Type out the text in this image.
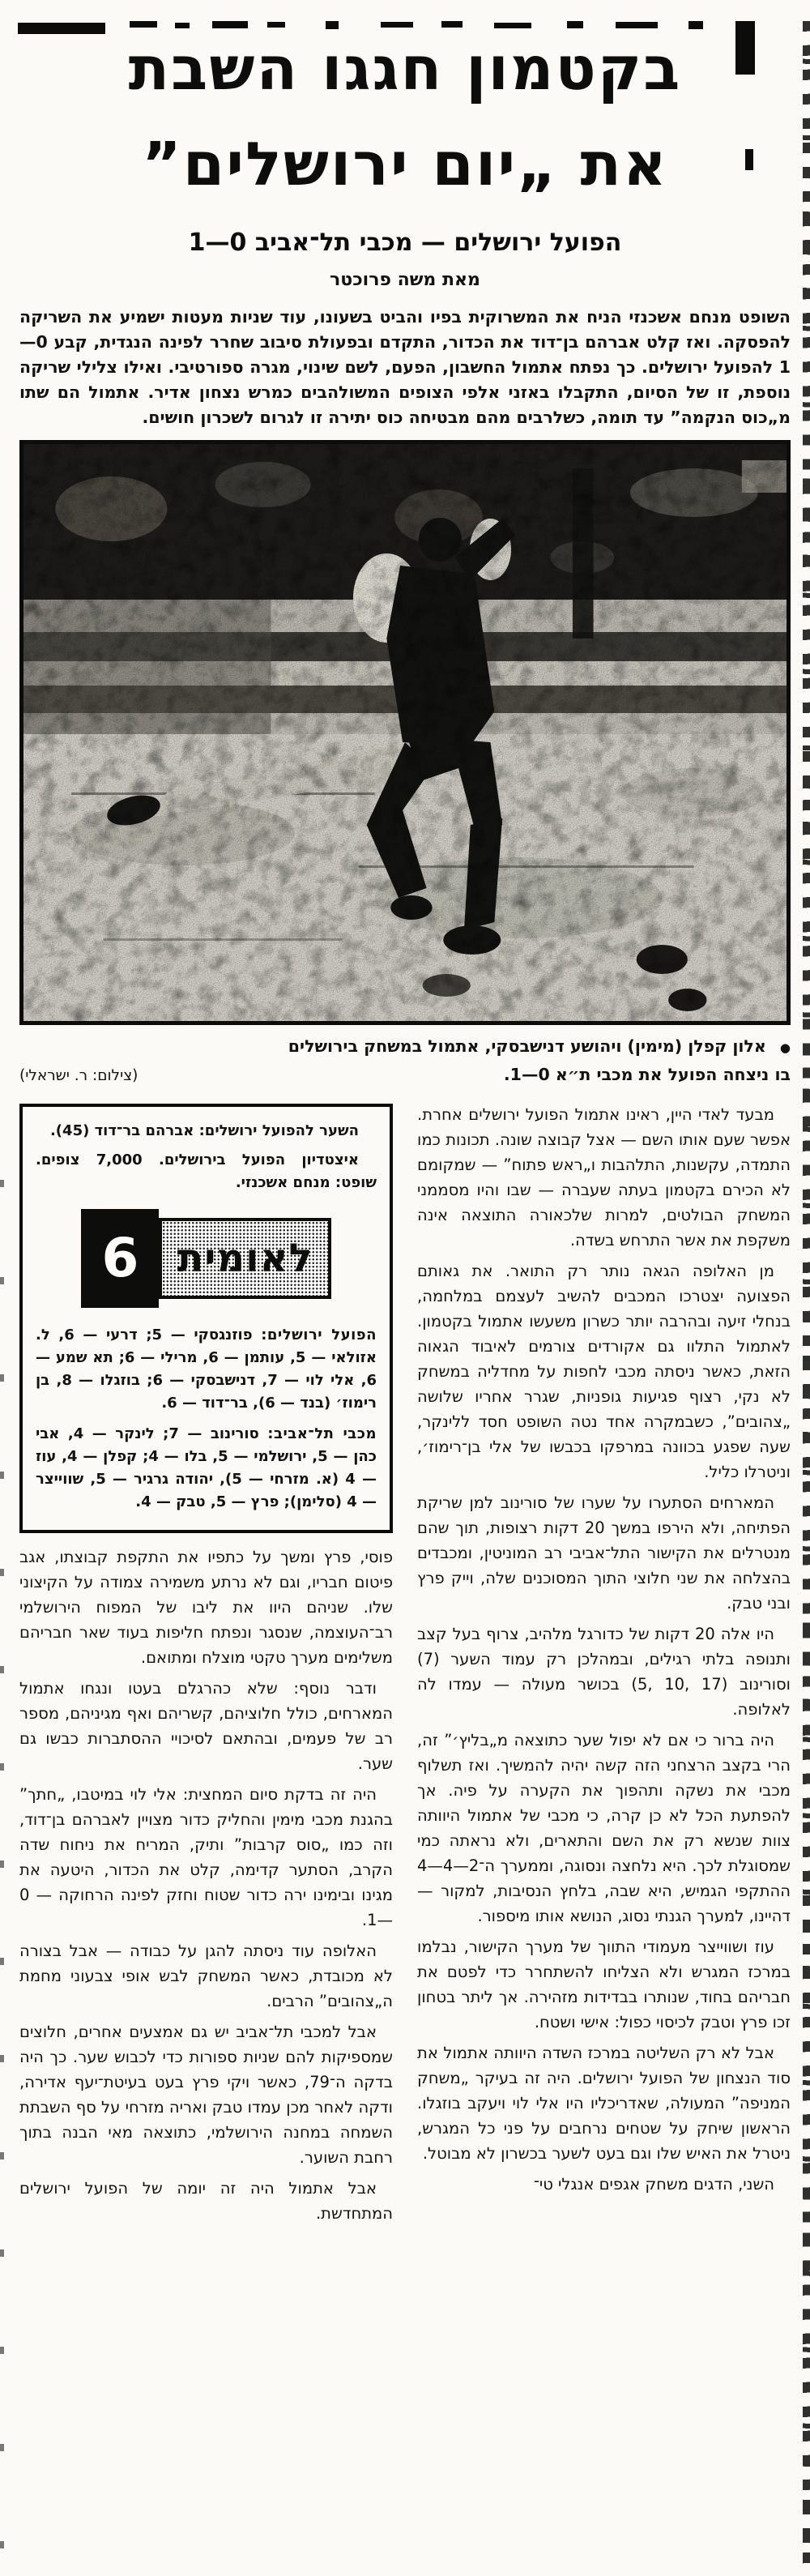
בקטמון חגגו השבת
את „יום ירושלים”
הפועל ירושלים — מכבי תל־אביב 0—1
מאת משה פרוכטר

השופט מנחם אשכנזי הניח את המשרוקית בפיו והביט בשעונו, עוד שניות מעטות ישמיע את השריקה להפסקה. ואז קלט אברהם בן־דוד את הכדור, התקדם ובפעולת סיבוב שחרר לפינה הנגדית, קבע 0—1 להפועל ירושלים. כך נפתח אתמול החשבון, הפעם, לשם שינוי, מגרה ספורטיבי. ואילו צלילי שריקה נוספת, זו של הסיום, התקבלו באזני אלפי הצופים המשולהבים כמרש נצחון אדיר. אתמול הם שתו מ„כוס הנקמה” עד תומה, כשלרבים מהם מבטיחה כוס יתירה זו לגרום לשכרון חושים.

● אלון קפלן (מימין) ויהושע דנישבסקי, אתמול במשחק בירושלים
בו ניצחה הפועל את מכבי ת״א 0—1.
(צילום: ר. ישראלי)

מבעד לאדי היין, ראינו אתמול הפועל ירושלים אחרת. אפשר שעם אותו השם — אצל קבוצה שונה. תכונות כמו התמדה, עקשנות, התלהבות ו„ראש פתוח” — שמקומם לא הכירם בקטמון בעתה שעברה — שבו והיו מסממני המשחק הבולטים, למרות שלכאורה התוצאה אינה משקפת את אשר התרחש בשדה.

מן האלופה הגאה נותר רק התואר. את גאותם הפצועה יצטרכו המכבים להשיב לעצמם במלחמה, בנחלי זיעה ובהרבה יותר כשרון משעשו אתמול בקטמון. לאתמול התלוו גם אקורדים צורמים לאיבוד הגאוה הזאת, כאשר ניסתה מכבי לחפות על מחדליה במשחק לא נקי, רצוף פגיעות גופניות, שגרר אחריו שלושה „צהובים”, כשבמקרה אחד נטה השופט חסד ללינקר, שעה שפגע בכוונה במרפקו בכבשו של אלי בן־רימוז׳, וניטרלו כליל.

המארחים הסתערו על שערו של סורינוב למן שריקת הפתיחה, ולא הירפו במשך 20 דקות רצופות, תוך שהם מנטרלים את הקישור התל־אביבי רב המוניטין, ומכבדים בהצלחה את שני חלוצי התוך המסוכנים שלה, וייק פרץ ובני טבק.

היו אלה 20 דקות של כדורגל מלהיב, צרוף בעל קצב ותנופה בלתי רגילים, ובמהלכן רק עמוד השער (7) וסורינוב (‪5, 10, 17‬) בכושר מעולה — עמדו לה לאלופה.

היה ברור כי אם לא יפול שער כתוצאה מ„בליץ׳” זה, הרי בקצב הרצחני הזה קשה יהיה להמשיך. ואז תשלוף מכבי את נשקה ותהפוך את הקערה על פיה. אך להפתעת הכל לא כן קרה, כי מכבי של אתמול היוותה צוות שנשא רק את השם והתארים, ולא נראתה כמי שמסוגלת לכך. היא נלחצה ונסוגה, וממערך ה־2—4—4 ההתקפי הגמיש, היא שבה, בלחץ הנסיבות, למקור — דהיינו, למערך הגנתי נסוג, הנושא אותו מיספור.

עוז ושווייצר מעמודי התווך של מערך הקישור, נבלמו במרכז המגרש ולא הצליחו להשתחרר כדי לפטם את חבריהם בחוד, שנותרו בבדידות מזהירה. אך ליתר בטחון זכו פרץ וטבק לכיסוי כפול: אישי ושטח.

אבל לא רק השליטה במרכז השדה היוותה אתמול את סוד הנצחון של הפועל ירושלים. היה זה בעיקר „משחק המניפה” המעולה, שאדריכליו היו אלי לוי ויעקב בוזגלו. הראשון שיחק על שטחים נרחבים על פני כל המגרש, ניטרל את האיש שלו וגם בעט לשער בכשרון לא מבוטל.

השני, הדגים משחק אגפים אנגלי טי־

השער להפועל ירושלים: אברהם בר־דוד (45).

איצטדיון הפועל בירושלים. 7,000 צופים. שופט: מנחם אשכנזי.

לאומית
6

הפועל ירושלים: פוזנגסקי — 5; דרעי — 6, ל. אזולאי — 5, עותמן — 6, מרילי — 6; תא שמע — 6, אלי לוי — 7, דנישבסקי — 6; בוזגלו — 8, בן רימוז׳ (בנד — 6), בר־דוד — 6.

מכבי תל־אביב: סורינוב — 7; לינקר — 4, אבי כהן — 5, ירושלמי — 5, בלו — 4; קפלן — 4, עוז — 4 (א. מזרחי — 5), יהודה גרגיר — 5, שווייצר — 4 (סלימן); פרץ — 5, טבק — 4.

פוסי, פרץ ומשך על כתפיו את התקפת קבוצתו, אגב פיטום חבריו, וגם לא נרתע משמירה צמודה על הקיצוני שלו. שניהם היוו את ליבו של המפוח הירושלמי רב־העוצמה, שנסגר ונפתח חליפות בעוד שאר חבריהם משלימים מערך טקטי מוצלח ומתואם.

ודבר נוסף: שלא כהרגלם בעטו ונגחו אתמול המארחים, כולל חלוציהם, קשריהם ואף מגיניהם, מספר רב של פעמים, ובהתאם לסיכויי ההסתברות כבשו גם שער.

היה זה בדקת סיום המחצית: אלי לוי במיטבו, „חתך” בהגנת מכבי מימין והחליק כדור מצויין לאברהם בן־דוד, וזה כמו „סוס קרבות” ותיק, המריח את ניחוח שדה הקרב, הסתער קדימה, קלט את הכדור, היטעה את מגינו ובימינו ירה כדור שטוח וחזק לפינה הרחוקה — 0—1.

האלופה עוד ניסתה להגן על כבודה — אבל בצורה לא מכובדת, כאשר המשחק לבש אופי צבעוני מחמת ה„צהובים” הרבים.

אבל למכבי תל־אביב יש גם אמצעים אחרים, חלוצים שמספיקות להם שניות ספורות כדי לכבוש שער. כך היה בדקה ה־79, כאשר ויקי פרץ בעט בעיטת־יעף אדירה, ודקה לאחר מכן עמדו טבק ואריה מזרחי על סף השבתת השמחה במחנה הירושלמי, כתוצאה מאי הבנה בתוך רחבת השוער.

אבל אתמול היה זה יומה של הפועל ירושלים המתחדשת.
